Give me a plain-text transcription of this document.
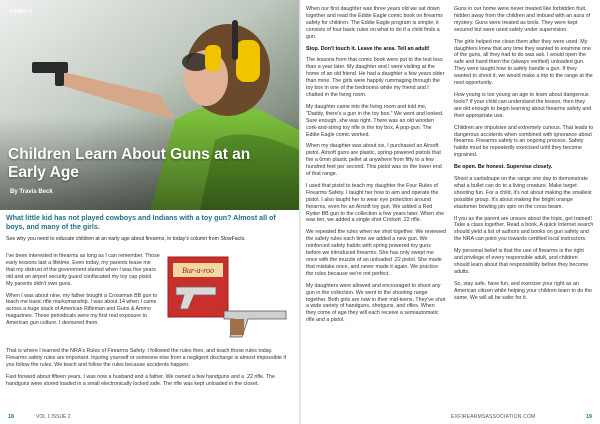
FAMILY
Children Learn About Guns at an Early Age
By Travis Beck
What little kid has not played cowboys and Indians with a toy gun? Almost all of boys, and many of the girls.
See why you need to educate children at an early age about firearms, in today's column from SlowFacts.

I've been interested in firearms as long as I can remember. Those early lessons last a lifetime. Even today, my parents tease me that my distrust of the government started when I was five years old and an airport security guard confiscated my toy cap pistol. My parents didn't own guns.

When I was about nine, my father bought a Crossman BB gun to teach me basic rifle marksmanship. I was about 14 when I came across a huge stack of American Rifleman and Guns & Ammo magazines. Those periodicals were my first real exposure to American gun culture. I devoured them.

Bur-a-roo

That is where I learned the NRA's Rules of Firearms Safety. I followed the rules then, and teach those rules today. Firearms safety rules are important. Injuring yourself or someone else from a negligent discharge is almost impossible if you follow the rules. We teach and follow the rules because accidents happen.

Fast forward about fifteen years. I was now a husband and a father. We owned a few handguns and a .22 rifle. The handguns were stored loaded in a small electronically locked safe. The rifle was kept unloaded in the closet.

18	VOL 1 ISSUE 2

When our first daughter was three years old we sat down together and read the Eddie Eagle comic book on firearms safety for children. The Eddie Eagle program is simple; it consists of four basic rules on what to do if a child finds a gun.

Stop. Don't touch it. Leave the area. Tell an adult!

The lessons from that comic book were put to the test less than a year later. My daughter and I were visiting at the home of an old friend. He had a daughter a few years older than mine. The girls were happily rummaging through the toy box in one of the bedrooms while my friend and I chatted in the living room.

My daughter came into the living room and told me, "Daddy, there's a gun in the toy box." We went and looked. Sure enough, she was right. There was an old wooden cork-and-string toy rifle in the toy box. A pop-gun. The Eddie Eagle comic worked.

When my daughter was about six, I purchased an Airsoft pistol. Airsoft guns are plastic, spring-powered pistols that fire a 6mm plastic pellet at anywhere from fifty to a few hundred feet per second. This pistol was on the lower end of that range.

I used that pistol to teach my daughter the Four Rules of Firearms Safety. I taught her how to aim and operate the pistol. I also taught her to wear eye protection around firearms, even for an Airsoft toy gun. We added a Red Ryder BB gun to the collection a few years later. When she was ten, we added a single shot Crickett .22 rifle.

We repeated the rules when we shot together. We reviewed the safety rules each time we added a new gun. We reinforced safety habits with spring powered toy guns before we introduced firearms. She has only swept me once with the muzzle of an unloaded .22 pistol. She made that mistake once, and never made it again. We practice the rules because we're not perfect.

My daughters were allowed and encouraged to shoot any gun in the collection. We went to the shooting range together. Both girls are now in their mid-teens. They've shot a wide variety of handguns, shotguns, and rifles. When they come of age they will each receive a semiautomatic rifle and a pistol.

Guns in our home were never treated like forbidden fruit, hidden away from the children and imbued with an aura of mystery. Guns were treated as tools. They were kept secured but were used safely under supervision.

The girls helped me clean them after they were used. My daughters knew that any time they wanted to examine one of the guns, all they had to do was ask. I would open the safe and hand them the (always verified) unloaded gun. They were taught how to safely handle a gun. If they wanted to shoot it, we would make a trip to the range at the next opportunity.

How young is too young an age to learn about dangerous tools? If your child can understand the lesson, then they are old enough to begin learning about firearms safety and their appropriate use.

Children are impulsive and extremely curious. That leads to dangerous accidents when combined with ignorance about firearms. Firearms safety is an ongoing process. Safety habits must be repeatedly exercised until they become ingrained.

Be open. Be honest. Supervise closely.

Shoot a cantaloupe on the range one day to demonstrate what a bullet can do to a living creature. Make target shooting fun. For a child, it's not about making the smallest possible group. It's about making the bright orange elastomer bowling pin spin on the cross beam.

If you as the parent are unsure about the topic, get trained! Take a class together. Read a book. A quick Internet search should yield a list of authors and books on gun safety and the NRA can point you towards certified local instructors.

My personal belief is that the use of firearms is the right and privilege of every responsible adult, and children should learn about that responsibility before they become adults.

So, stay safe, have fun, and exercise your right as an American citizen while helping your children learn to do the same. We will all be safer for it.

EXFIREARMSASSOCIATION.COM	19
